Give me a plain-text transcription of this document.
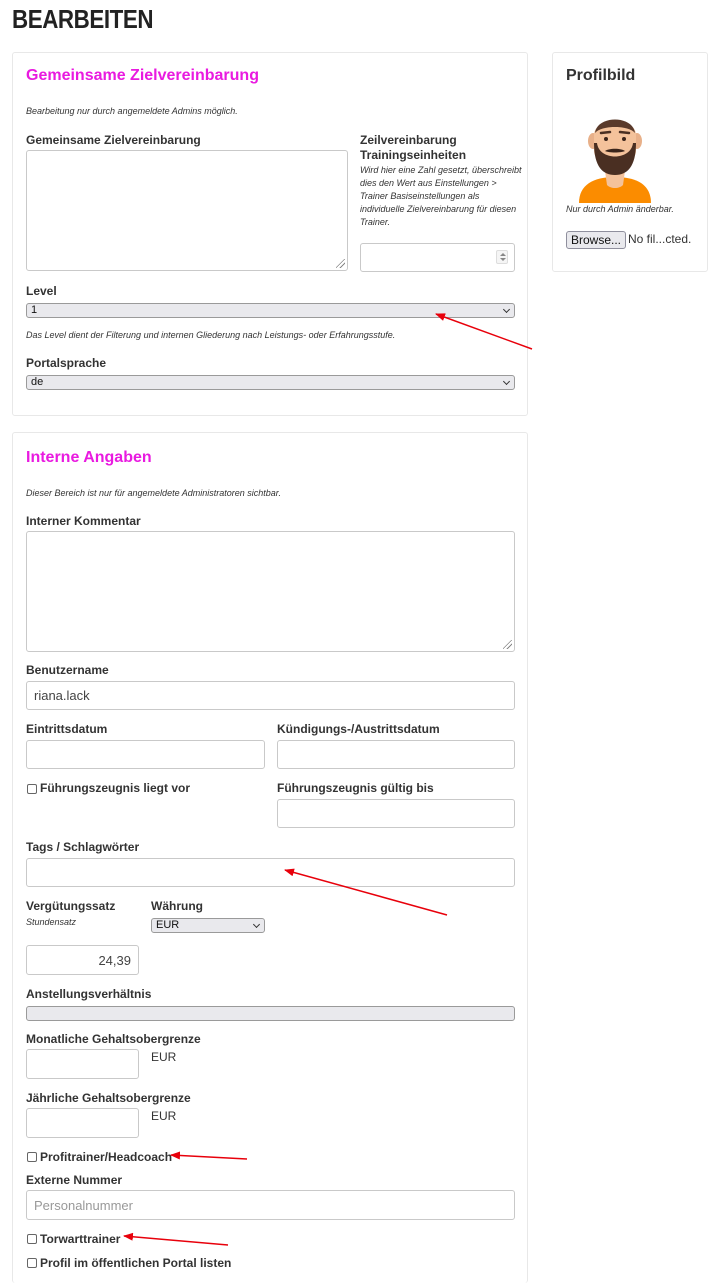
BEARBEITEN
Gemeinsame Zielvereinbarung
Bearbeitung nur durch angemeldete Admins möglich.
Gemeinsame Zielvereinbarung	Zeilvereinbarung
Trainingseinheiten
Wird hier eine Zahl gesetzt, überschreibt
dies den Wert aus Einstellungen >
Trainer Basiseinstellungen als
individuelle Zielvereinbarung für diesen
Trainer.
Level
1
Das Level dient der Filterung und internen Gliederung nach Leistungs- oder Erfahrungsstufe.
Portalsprache
de
Profilbild
Nur durch Admin änderbar.
Browse... No fil...cted.
Interne Angaben
Dieser Bereich ist nur für angemeldete Administratoren sichtbar.
Interner Kommentar
Benutzername
riana.lack
Eintrittsdatum	Kündigungs-/Austrittsdatum
Führungszeugnis liegt vor	Führungszeugnis gültig bis
Tags / Schlagwörter
Vergütungssatz
Stundensatz
Währung
EUR
24,39
Anstellungsverhältnis
Monatliche Gehaltsobergrenze
EUR
Jährliche Gehaltsobergrenze
EUR
Profitrainer/Headcoach
Externe Nummer
Personalnummer
Torwarttrainer
Profil im öffentlichen Portal listen
